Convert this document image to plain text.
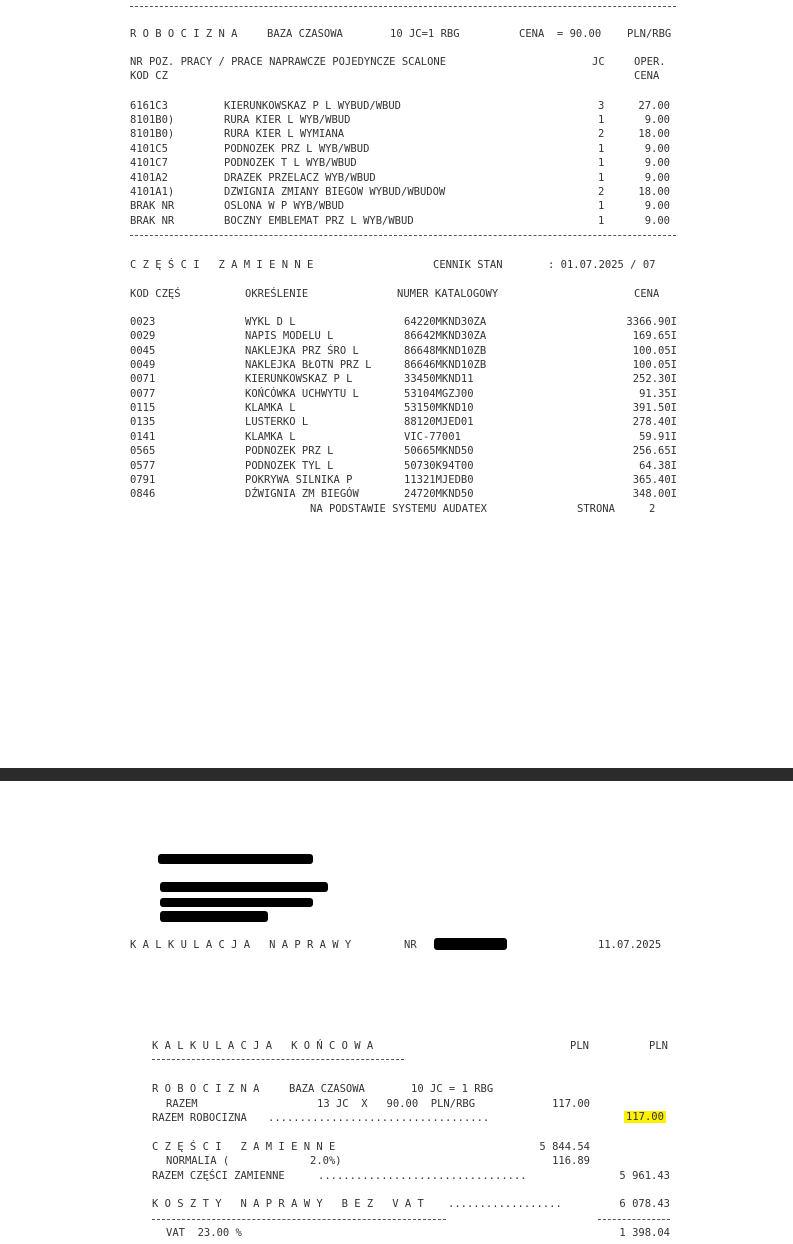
R O B O C I Z N A	BAZA CZASOWA	10 JC=1 RBG	CENA  = 90.00 PLN/RBG
NR POZ. PRACY / PRACE NAPRAWCZE POJEDYNCZE SCALONE
KOD CZ
JC	OPER.
CENA
6161C3	KIERUNKOWSKAZ P L WYBUD/WBUD	3	27.00
8101B0)	RURA KIER L WYB/WBUD	1	9.00
8101B0)	RURA KIER L WYMIANA	2	18.00
4101C5	PODNOZEK PRZ L WYB/WBUD	1	9.00
4101C7	PODNOZEK T L WYB/WBUD	1	9.00
4101A2	DRAZEK PRZELACZ WYB/WBUD	1	9.00
4101A1)	DZWIGNIA ZMIANY BIEGOW WYBUD/WBUDOW	2	18.00
BRAK NR	OSLONA W P WYB/WBUD	1	9.00
BRAK NR	BOCZNY EMBLEMAT PRZ L WYB/WBUD	1	9.00
C Z Ę Ś C I   Z A M I E N N E	CENNIK STAN	: 01.07.2025 / 07
KOD CZĘŚ	OKREŚLENIE	NUMER KATALOGOWY	CENA
0023	WYKL D L	64220MKND30ZA	3366.90I
0029	NAPIS MODELU L	86642MKND30ZA	169.65I
0045	NAKLEJKA PRZ ŚRO L	86648MKND10ZB	100.05I
0049	NAKLEJKA BŁOTN PRZ L	86646MKND10ZB	100.05I
0071	KIERUNKOWSKAZ P L	33450MKND11	252.30I
0077	KOŃCÓWKA UCHWYTU L	53104MGZJ00	91.35I
0115	KLAMKA L	53150MKND10	391.50I
0135	LUSTERKO L	88120MJED01	278.40I
0141	KLAMKA L	VIC-77001	59.91I
0565	PODNOZEK PRZ L	50665MKND50	256.65I
0577	PODNOZEK TYL L	50730K94T00	64.38I
0791	POKRYWA SILNIKA P	11321MJEDB0	365.40I
0846	DŹWIGNIA ZM BIEGÓW	24720MKND50	348.00I
NA PODSTAWIE SYSTEMU AUDATEX	STRONA	2
K A L K U L A C J A   N A P R A W Y	NR	11.07.2025
K A L K U L A C J A   K O Ń C O W A	PLN	PLN
R O B O C I Z N A	BAZA CZASOWA	10 JC = 1 RBG
RAZEM	13 JC  X   90.00  PLN/RBG	117.00
RAZEM ROBOCIZNA ...................................	117.00
C Z Ę Ś C I   Z A M I E N N E	5 844.54
NORMALIA (	2.0%)	116.89
RAZEM CZĘŚCI ZAMIENNE	.................................	5 961.43
K O S Z T Y   N A P R A W Y   B E Z   V A T ..................	6 078.43
VAT  23.00 %	1 398.04
